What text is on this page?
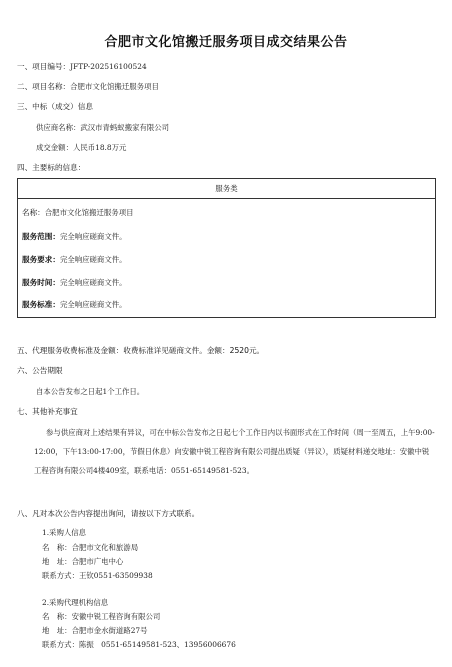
合肥市文化馆搬迁服务项目成交结果公告
一、项目编号：JFTP-202516100524
二、项目名称：合肥市文化馆搬迁服务项目
三、中标（成交）信息
供应商名称：武汉市青蚂蚁搬家有限公司
成交金额：人民币18.8万元
四、主要标的信息：
服务类
名称：合肥市文化馆搬迁服务项目
服务范围：完全响应磋商文件。
服务要求：完全响应磋商文件。
服务时间：完全响应磋商文件。
服务标准：完全响应磋商文件。
五、代理服务收费标准及金额：收费标准详见磋商文件。金额：2520元。
六、公告期限
自本公告发布之日起1个工作日。
七、其他补充事宜
参与供应商对上述结果有异议，可在中标公告发布之日起七个工作日内以书面形式在工作时间（周一至周五，上午9:00-12:00，下午13:00-17:00，节假日休息）向安徽中锐工程咨询有限公司提出质疑（异议），质疑材料递交地址：安徽中锐工程咨询有限公司4楼409室，联系电话：0551-65149581-523。
八、凡对本次公告内容提出询问，请按以下方式联系。
1.采购人信息
名　称：合肥市文化和旅游局
地　址：合肥市广电中心
联系方式：王钦0551-63509938
2.采购代理机构信息
名　称：安徽中锐工程咨询有限公司
地　址：合肥市金水街道路27号
联系方式：陈振　0551-65149581-523、13956006676
